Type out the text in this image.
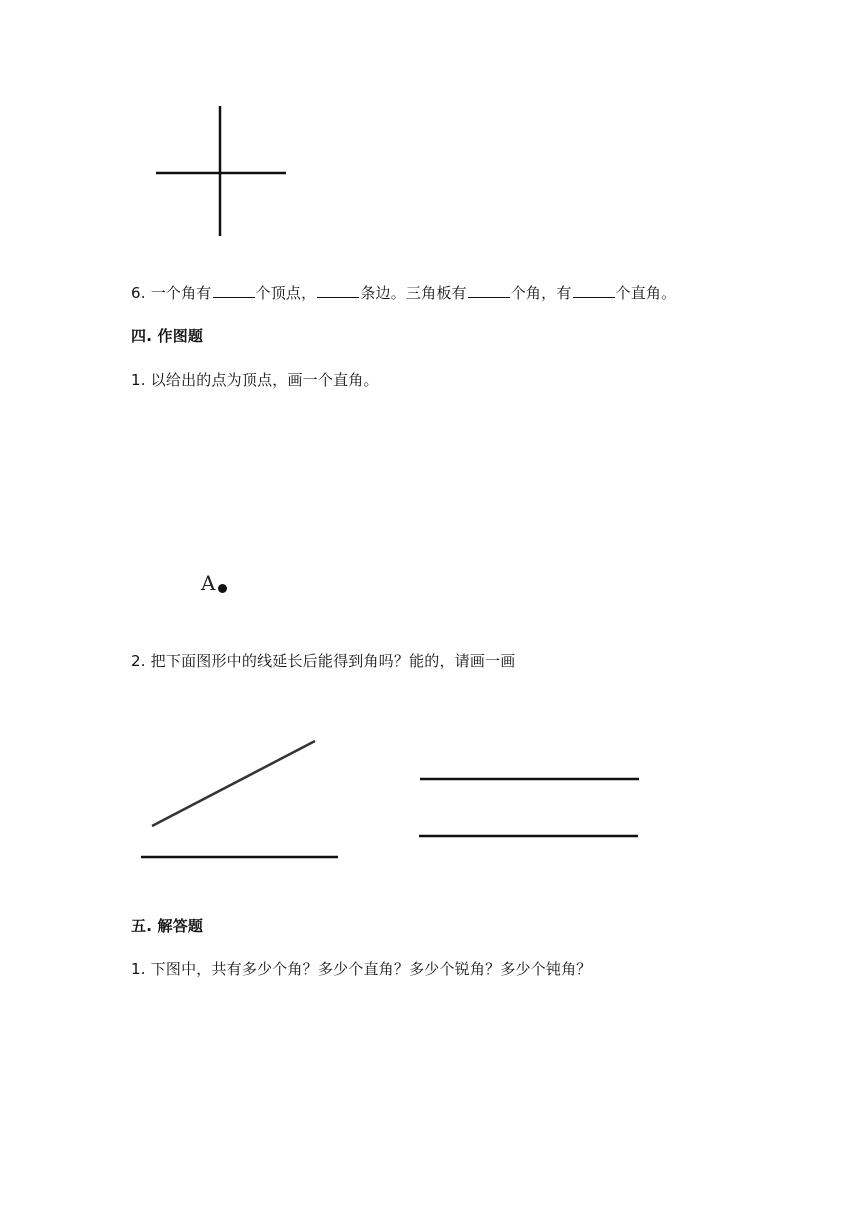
6. 一个角有	个顶点，	条边。三角板有	个角，有	个直角。
四. 作图题
1. 以给出的点为顶点，画一个直角。
A
2. 把下面图形中的线延长后能得到角吗？能的，请画一画
五. 解答题
1. 下图中，共有多少个角？多少个直角？多少个锐角？多少个钝角？
